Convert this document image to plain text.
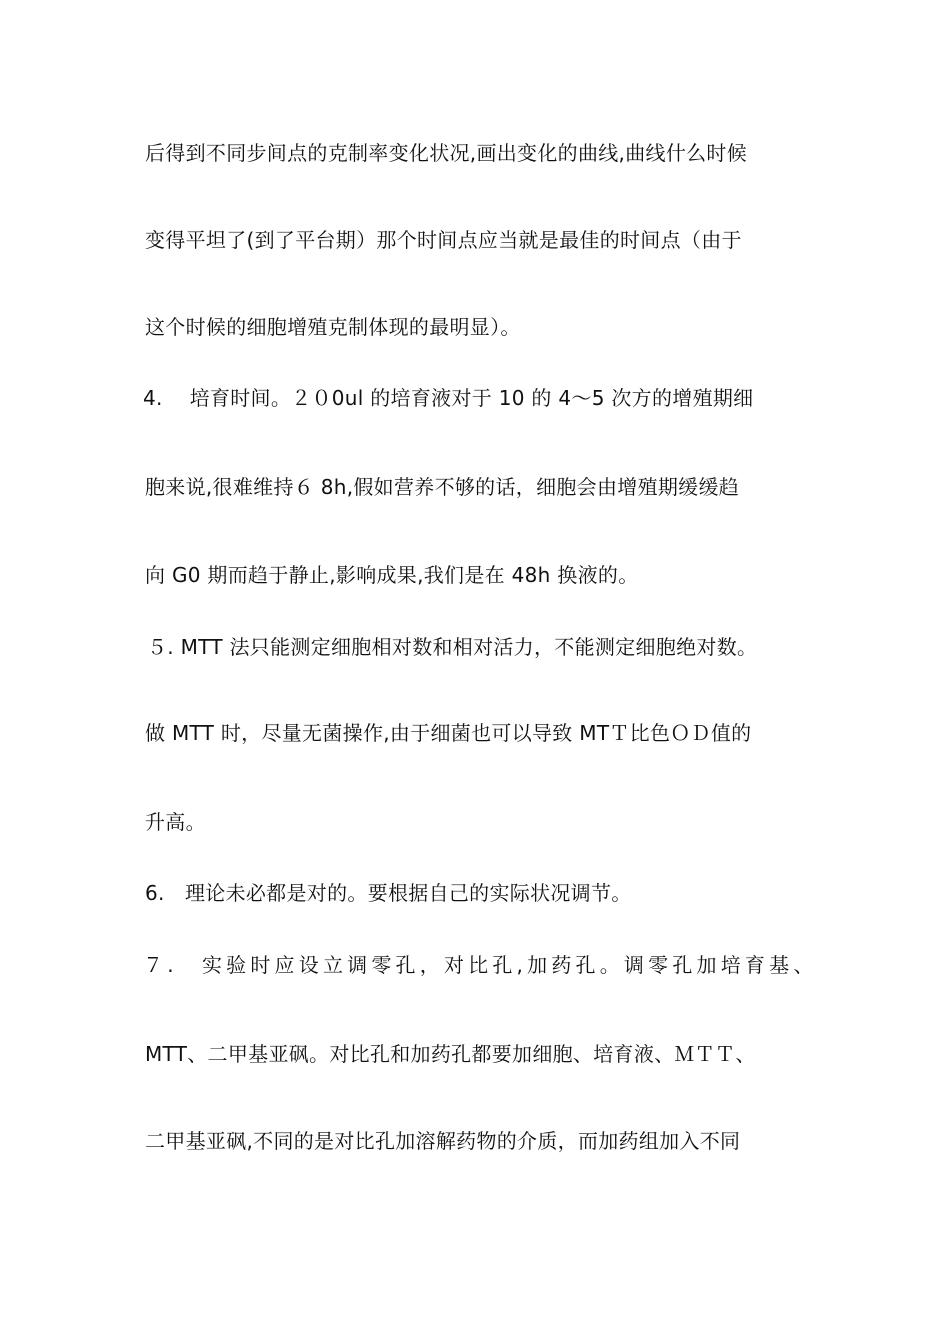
后得到不同步间点的克制率变化状况,画出变化的曲线,曲线什么时候

变得平坦了(到了平台期）那个时间点应当就是最佳的时间点（由于

这个时候的细胞增殖克制体现的最明显）。

4.　 培育时间。２０0ul 的培育液对于 10 的 4～5 次方的增殖期细

胞来说,很难维持６ 8h,假如营养不够的话，细胞会由增殖期缓缓趋

向 G0 期而趋于静止,影响成果,我们是在 48h 换液的。

５. MTT 法只能测定细胞相对数和相对活力，不能测定细胞绝对数。

做 MTT 时，尽量无菌操作,由于细菌也可以导致 MTＴ比色ＯＤ值的

升高。

6.　理论未必都是对的。要根据自己的实际状况调节。

７.　实验时应设立调零孔，对比孔,加药孔。调零孔加培育基、

MTT、二甲基亚砜。对比孔和加药孔都要加细胞、培育液、ＭＴＴ、

二甲基亚砜,不同的是对比孔加溶解药物的介质，而加药组加入不同
